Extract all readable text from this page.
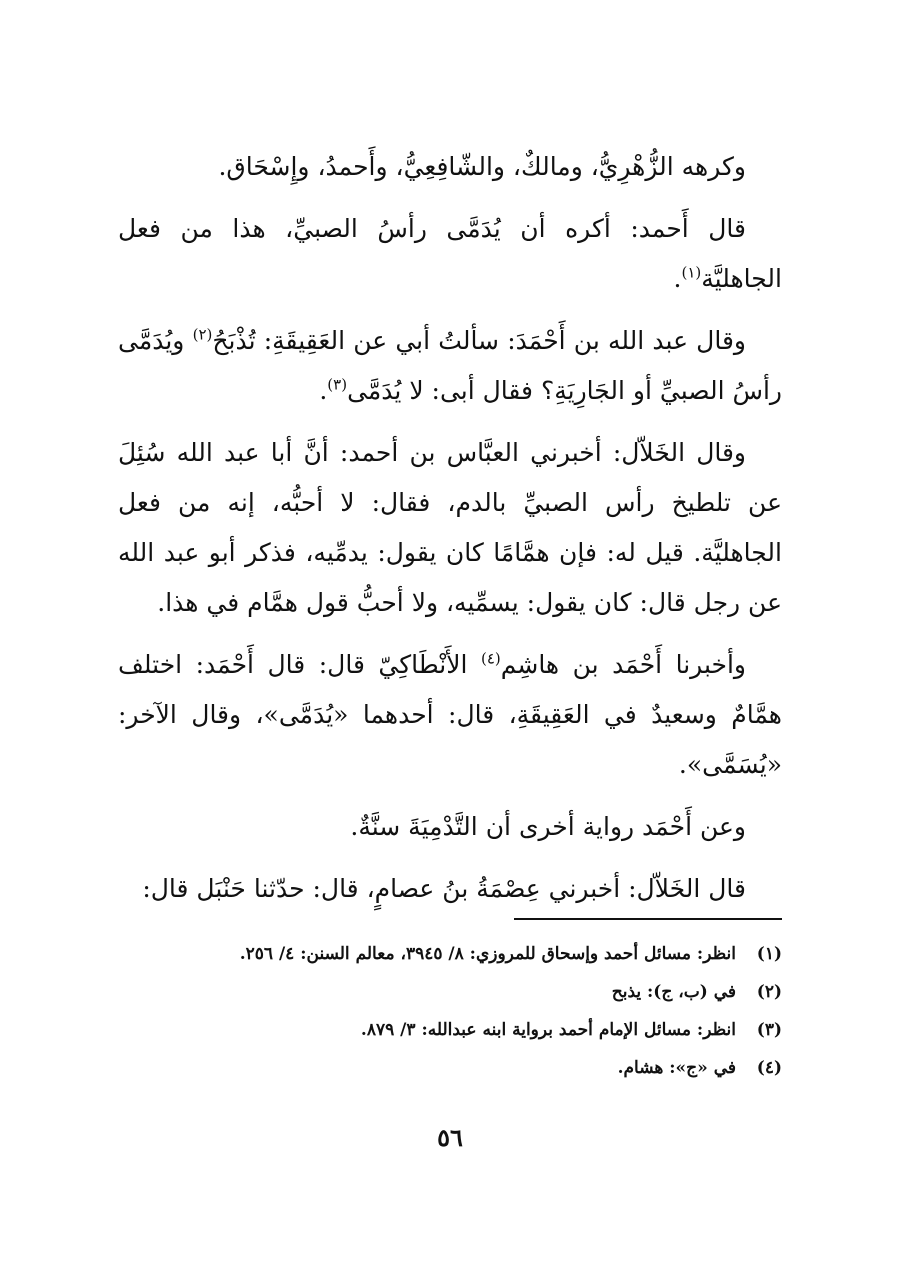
وكرهه الزُّهْرِيُّ، ومالكٌ، والشّافِعِيُّ، وأَحمدُ، وإِسْحَاق.

قال أَحمد: أكره أن يُدَمَّى رأسُ الصبيِّ، هذا من فعل الجاهليَّة$^{(١)}$.

وقال عبد الله بن أَحْمَدَ: سألتُ أبي عن العَقِيقَةِ: تُذْبَحُ$^{(٢)}$ ويُدَمَّى رأسُ الصبيِّ أو الجَارِيَةِ؟ فقال أبى: لا يُدَمَّى$^{(٣)}$.

وقال الخَلاّل: أخبرني العبَّاس بن أحمد: أنَّ أبا عبد الله سُئِلَ عن تلطيخ رأس الصبيِّ بالدم، فقال: لا أحبُّه، إنه من فعل الجاهليَّة. قيل له: فإن همَّامًا كان يقول: يدمِّيه، فذكر أبو عبد الله عن رجل قال: كان يقول: يسمِّيه، ولا أحبُّ قول همَّام في هذا.

وأخبرنا أَحْمَد بن هاشِم$^{(٤)}$ الأَنْطَاكِيّ قال: قال أَحْمَد: اختلف همَّامٌ وسعيدٌ في العَقِيقَةِ، قال: أحدهما «يُدَمَّى»، وقال الآخر: «يُسَمَّى».

وعن أَحْمَد رواية أخرى أن التَّدْمِيَةَ سنَّةٌ.

قال الخَلاّل: أخبرني عِصْمَةُ بنُ عصامٍ، قال: حدّثنا حَنْبَل قال:

(١)
انظر: مسائل أحمد وإسحاق للمروزي: ٨/ ٣٩٤٥، معالم السنن: ٤/ ٢٥٦.
(٢)
في (ب، ج): يذبح
(٣)
انظر: مسائل الإمام أحمد برواية ابنه عبدالله: ٣/ ٨٧٩.
(٤)
في «ج»: هشام.
٥٦
